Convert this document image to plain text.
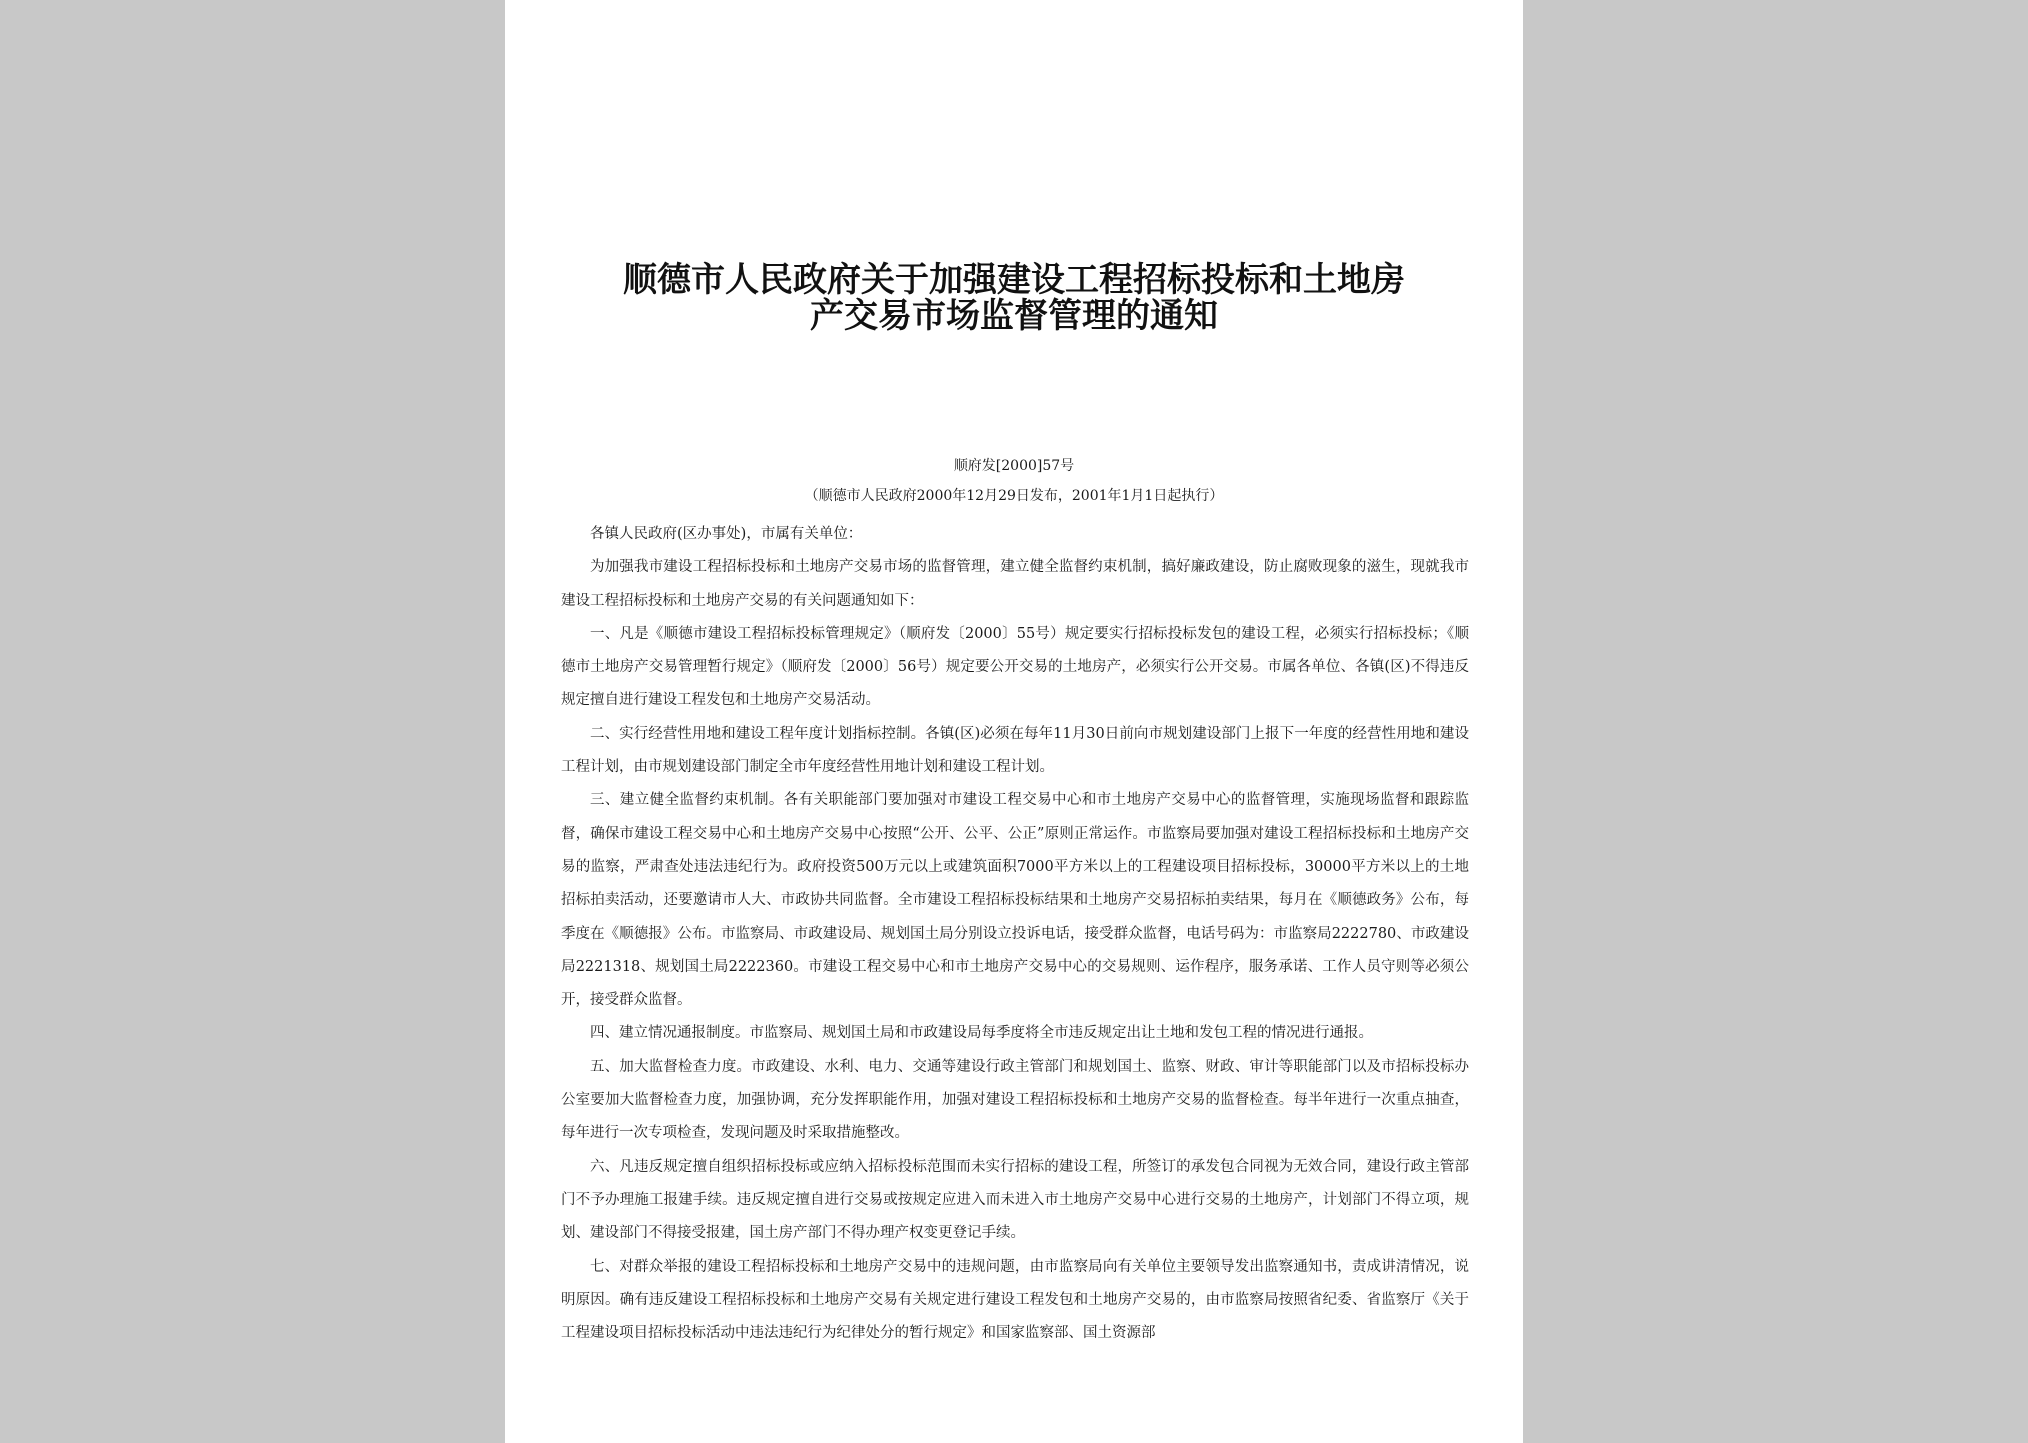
顺德市人民政府关于加强建设工程招标投标和土地房
产交易市场监督管理的通知
顺府发[2000]57号
（顺德市人民政府2000年12月29日发布，2001年1月1日起执行）

各镇人民政府(区办事处)，市属有关单位：

为加强我市建设工程招标投标和土地房产交易市场的监督管理，建立健全监督约束机制，搞好廉政建设，防止腐败现象的滋生，现就我市建设工程招标投标和土地房产交易的有关问题通知如下：

一、凡是《顺德市建设工程招标投标管理规定》（顺府发〔2000〕55号）规定要实行招标投标发包的建设工程，必须实行招标投标；《顺德市土地房产交易管理暂行规定》（顺府发〔2000〕56号）规定要公开交易的土地房产，必须实行公开交易。市属各单位、各镇(区)不得违反规定擅自进行建设工程发包和土地房产交易活动。

二、实行经营性用地和建设工程年度计划指标控制。各镇(区)必须在每年11月30日前向市规划建设部门上报下一年度的经营性用地和建设工程计划，由市规划建设部门制定全市年度经营性用地计划和建设工程计划。

三、建立健全监督约束机制。各有关职能部门要加强对市建设工程交易中心和市土地房产交易中心的监督管理，实施现场监督和跟踪监督，确保市建设工程交易中心和土地房产交易中心按照“公开、公平、公正”原则正常运作。市监察局要加强对建设工程招标投标和土地房产交易的监察，严肃查处违法违纪行为。政府投资500万元以上或建筑面积7000平方米以上的工程建设项目招标投标，30000平方米以上的土地招标拍卖活动，还要邀请市人大、市政协共同监督。全市建设工程招标投标结果和土地房产交易招标拍卖结果，每月在《顺德政务》公布，每季度在《顺德报》公布。市监察局、市政建设局、规划国土局分别设立投诉电话，接受群众监督，电话号码为：市监察局2222780、市政建设局2221318、规划国土局2222360。市建设工程交易中心和市土地房产交易中心的交易规则、运作程序，服务承诺、工作人员守则等必须公开，接受群众监督。

四、建立情况通报制度。市监察局、规划国土局和市政建设局每季度将全市违反规定出让土地和发包工程的情况进行通报。

五、加大监督检查力度。市政建设、水利、电力、交通等建设行政主管部门和规划国土、监察、财政、审计等职能部门以及市招标投标办公室要加大监督检查力度，加强协调，充分发挥职能作用，加强对建设工程招标投标和土地房产交易的监督检查。每半年进行一次重点抽查，每年进行一次专项检查，发现问题及时采取措施整改。

六、凡违反规定擅自组织招标投标或应纳入招标投标范围而未实行招标的建设工程，所签订的承发包合同视为无效合同，建设行政主管部门不予办理施工报建手续。违反规定擅自进行交易或按规定应进入而未进入市土地房产交易中心进行交易的土地房产，计划部门不得立项，规划、建设部门不得接受报建，国土房产部门不得办理产权变更登记手续。

七、对群众举报的建设工程招标投标和土地房产交易中的违规问题，由市监察局向有关单位主要领导发出监察通知书，责成讲清情况，说明原因。确有违反建设工程招标投标和土地房产交易有关规定进行建设工程发包和土地房产交易的，由市监察局按照省纪委、省监察厅《关于工程建设项目招标投标活动中违法违纪行为纪律处分的暂行规定》和国家监察部、国土资源部
